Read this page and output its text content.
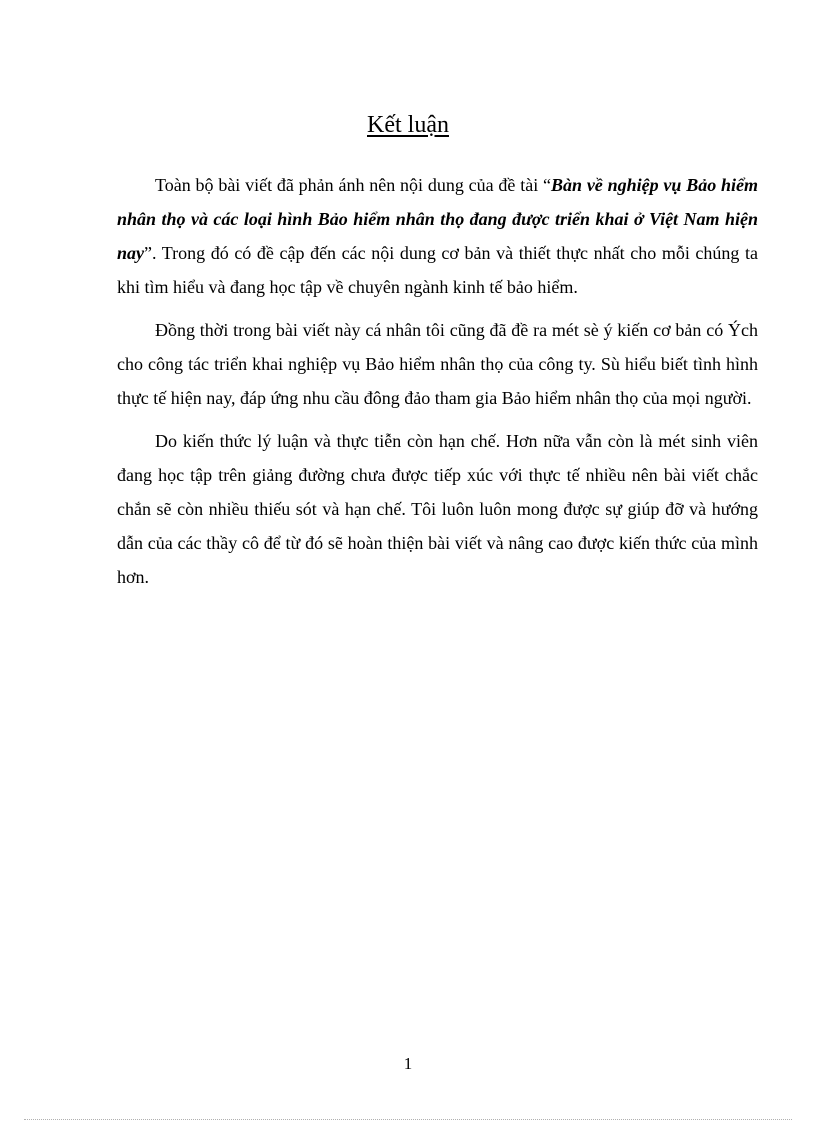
Kết luận

Toàn bộ bài viết đã phản ánh nên nội dung của đề tài “Bàn về nghiệp vụ Bảo hiểm nhân thọ và các loại hình Bảo hiểm nhân thọ đang được triển khai ở Việt Nam hiện nay”. Trong đó có đề cập đến các nội dung cơ bản và thiết thực nhất cho mỗi chúng ta khi tìm hiểu và đang học tập về chuyên ngành kinh tế bảo hiểm.

Đồng thời trong bài viết này cá nhân tôi cũng đã đề ra mét sè ý kiến cơ bản có Ých cho công tác triển khai nghiệp vụ Bảo hiểm nhân thọ của công ty. Sù hiểu biết tình hình thực tế hiện nay, đáp ứng nhu cầu đông đảo tham gia Bảo hiểm nhân thọ của mọi người.

Do kiến thức lý luận và thực tiễn còn hạn chế. Hơn nữa vẫn còn là mét sinh viên đang học tập trên giảng đường chưa được tiếp xúc với thực tế nhiều nên bài viết chắc chắn sẽ còn nhiều thiếu sót và hạn chế. Tôi luôn luôn mong được sự giúp đỡ và hướng dẫn của các thầy cô để từ đó sẽ hoàn thiện bài viết và nâng cao được kiến thức của mình hơn.

1
